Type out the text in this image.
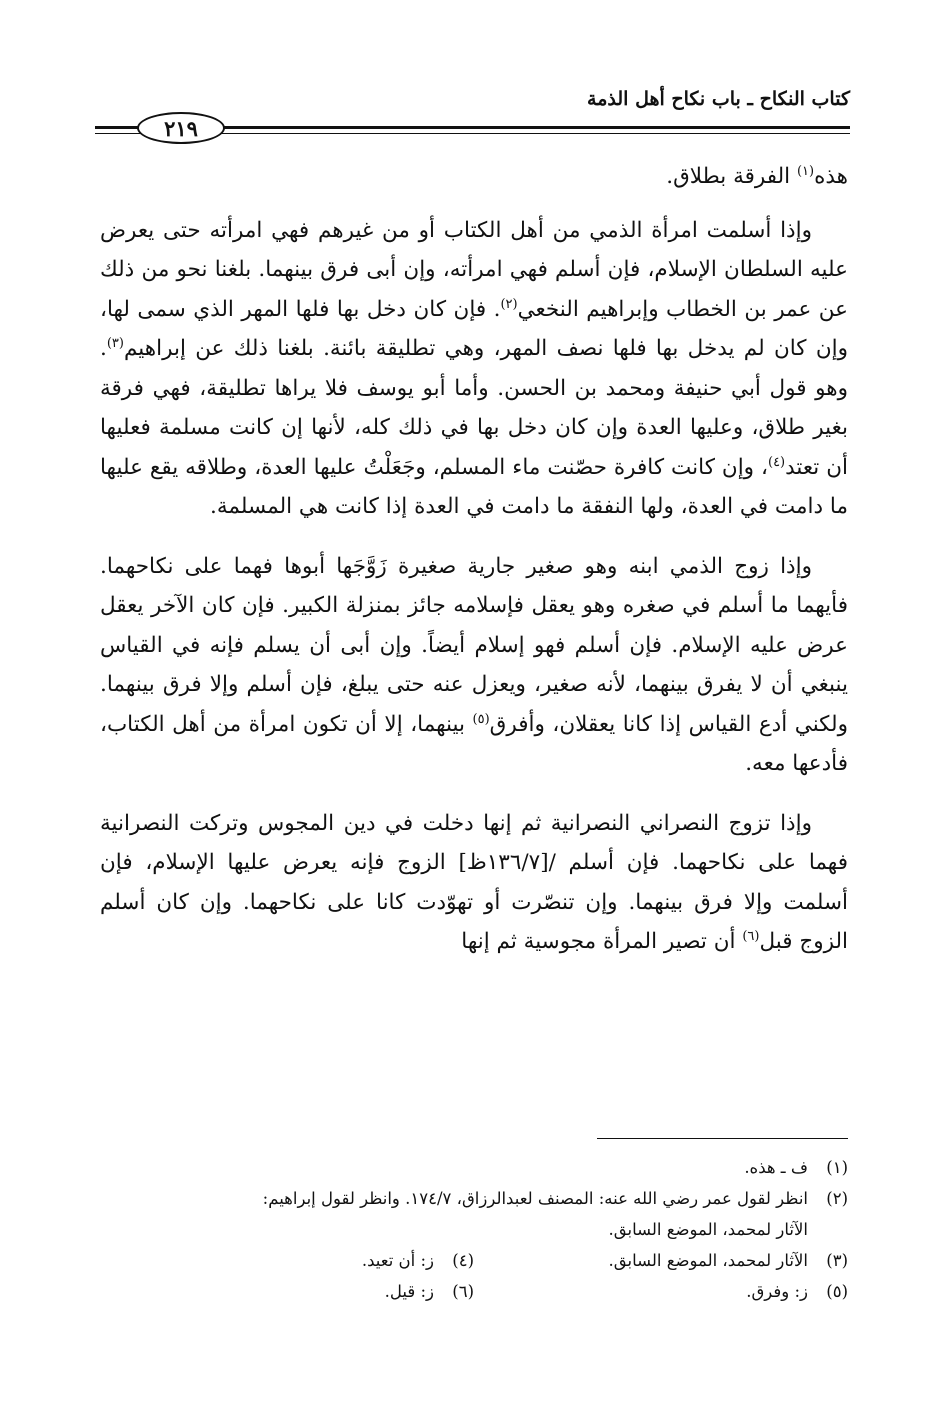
كتاب النكاح ـ باب نكاح أهل الذمة
٢١٩

هذه$^{(١)}$ الفرقة بطلاق.

وإذا أسلمت امرأة الذمي من أهل الكتاب أو من غيرهم فهي امرأته حتى يعرض عليه السلطان الإسلام، فإن أسلم فهي امرأته، وإن أبى فرق بينهما. بلغنا نحو من ذلك عن عمر بن الخطاب وإبراهيم النخعي$^{(٢)}$. فإن كان دخل بها فلها المهر الذي سمى لها، وإن كان لم يدخل بها فلها نصف المهر، وهي تطليقة بائنة. بلغنا ذلك عن إبراهيم$^{(٣)}$. وهو قول أبي حنيفة ومحمد بن الحسن. وأما أبو يوسف فلا يراها تطليقة، فهي فرقة بغير طلاق، وعليها العدة وإن كان دخل بها في ذلك كله، لأنها إن كانت مسلمة فعليها أن تعتد$^{(٤)}$، وإن كانت كافرة حصّنت ماء المسلم، وجَعَلْتُ عليها العدة، وطلاقه يقع عليها ما دامت في العدة، ولها النفقة ما دامت في العدة إذا كانت هي المسلمة.

وإذا زوج الذمي ابنه وهو صغير جارية صغيرة زَوَّجَها أبوها فهما على نكاحهما. فأيهما ما أسلم في صغره وهو يعقل فإسلامه جائز بمنزلة الكبير. فإن كان الآخر يعقل عرض عليه الإسلام. فإن أسلم فهو إسلام أيضاً. وإن أبى أن يسلم فإنه في القياس ينبغي أن لا يفرق بينهما، لأنه صغير، ويعزل عنه حتى يبلغ، فإن أسلم وإلا فرق بينهما. ولكني أدع القياس إذا كانا يعقلان، وأفرق$^{(٥)}$ بينهما، إلا أن تكون امرأة من أهل الكتاب، فأدعها معه.

وإذا تزوج النصراني النصرانية ثم إنها دخلت في دين المجوس وتركت النصرانية فهما على نكاحهما. فإن أسلم /[١٣٦/٧ظ] الزوج فإنه يعرض عليها الإسلام، فإن أسلمت وإلا فرق بينهما. وإن تنصّرت أو تهوّدت كانا على نكاحهما. وإن كان أسلم الزوج قبل$^{(٦)}$ أن تصير المرأة مجوسية ثم إنها

(١)
ف ـ هذه.
(٢)
انظر لقول عمر رضي الله عنه: المصنف لعبدالرزاق، ١٧٤/٧. وانظر لقول إبراهيم:
الآثار لمحمد، الموضع السابق.
(٣)
الآثار لمحمد، الموضع السابق.
(٤)
ز: أن تعيد.
(٥)
ز: وفرق.
(٦)
ز: قيل.
